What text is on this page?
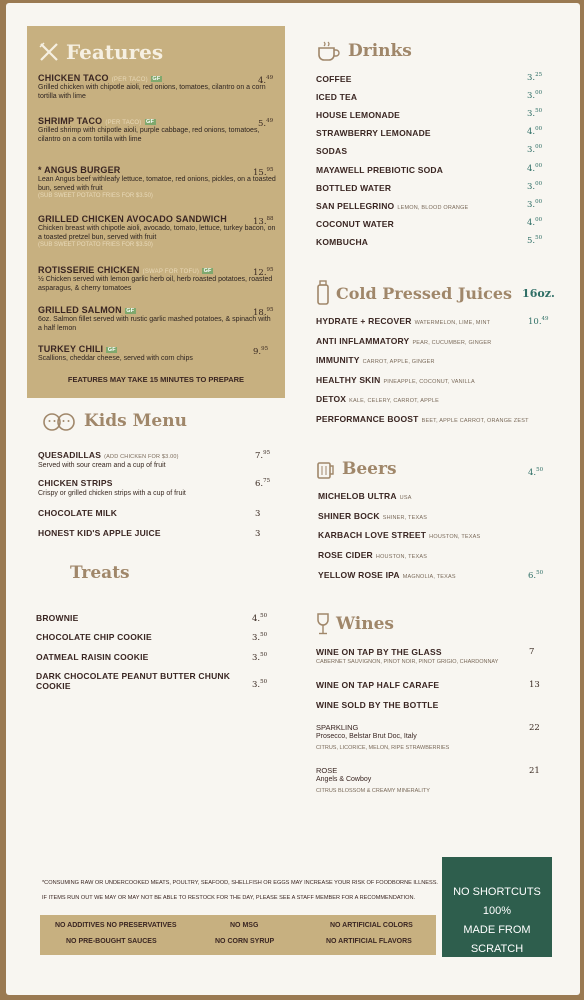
Features
CHICKEN TACO (PER TACO) GF
Grilled chicken with chipotle aioli, red onions, tomatoes, cilantro on a corn tortilla with lime
4.49
SHRIMP TACO (PER TACO) GF
Grilled shrimp with chipotle aioli, purple cabbage, red onions, tomatoes, cilantro on a corn tortilla with lime
5.49
* ANGUS BURGER
Lean Angus beef withleafy lettuce, tomatoe, red onions, pickles, on a toasted bun, served with fruit
(SUB SWEET POTATO FRIES FOR $3.50)
15.95
GRILLED CHICKEN AVOCADO SANDWICH
Chicken breast with chipotle aioli, avocado, tomato, lettuce, turkey bacon, on a toasted pretzel bun, served with fruit
(SUB SWEET POTATO FRIES FOR $3.50)
13.88
ROTISSERIE CHICKEN (SWAP FOR TOFU) GF
½ Chicken served with lemon garlic herb oil, herb roasted potatoes, roasted asparagus, & cherry tomatoes
12.95
GRILLED SALMON GF
6oz. Salmon fillet served with rustic garlic mashed potatoes, & spinach with a half lemon
18.95
TURKEY CHILI GF
Scallions, cheddar cheese, served with corn chips
9.95
FEATURES MAY TAKE 15 MINUTES TO PREPARE
Kids Menu
QUESADILLAS (ADD CHICKEN FOR $3.00)
Served with sour cream and a cup of fruit
7.95
CHICKEN STRIPS
Crispy or grilled chicken strips with a cup of fruit
6.75
CHOCOLATE MILK	3
HONEST KID'S APPLE JUICE	3
Treats
BROWNIE	4.50
CHOCOLATE CHIP COOKIE	3.50
OATMEAL RAISIN COOKIE	3.50
DARK CHOCOLATE PEANUT BUTTER CHUNK
COOKIE	3.50
Drinks
COFFEE	3.25
ICED TEA	3.00
HOUSE LEMONADE	3.50
STRAWBERRY LEMONADE	4.00
SODAS	3.00
MAYAWELL PREBIOTIC SODA	4.00
BOTTLED WATER	3.00
SAN PELLEGRINO LEMON, BLOOD ORANGE	3.00
COCONUT WATER	4.00
KOMBUCHA	5.50
Cold Pressed Juices 16oz.
10.49
HYDRATE + RECOVER WATERMELON, LIME, MINT
ANTI INFLAMMATORY PEAR, CUCUMBER, GINGER
IMMUNITY CARROT, APPLE, GINGER
HEALTHY SKIN PINEAPPLE, COCONUT, VANILLA
DETOX KALE, CELERY, CARROT, APPLE
PERFORMANCE BOOST BEET, APPLE CARROT, ORANGE ZEST
Beers	4.50
MICHELOB ULTRA USA
SHINER BOCK SHINER, TEXAS
KARBACH LOVE STREET HOUSTON, TEXAS
ROSE CIDER HOUSTON, TEXAS
YELLOW ROSE IPA MAGNOLIA, TEXAS	6.50
Wines
WINE ON TAP BY THE GLASS
CABERNET SAUVIGNON, PINOT NOIR, PINOT GRIGIO, CHARDONNAY
7
WINE ON TAP HALF CARAFE	13
WINE SOLD BY THE BOTTLE
SPARKLING
Prosecco, Belstar Brut Doc, Italy
CITRUS, LICORICE, MELON, RIPE STRAWBERRIES
22
ROSE
Angels & Cowboy
CITRUS BLOSSOM & CREAMY MINERALITY
21
*CONSUMING RAW OR UNDERCOOKED MEATS, POULTRY, SEAFOOD, SHELLFISH OR EGGS MAY INCREASE YOUR RISK OF FOODBORNE ILLNESS.
IF ITEMS RUN OUT WE MAY OR MAY NOT BE ABLE TO RESTOCK FOR THE DAY, PLEASE SEE A STAFF MEMBER FOR A RECOMMENDATION.
NO ADDITIVES NO PRESERVATIVES
NO PRE-BOUGHT SAUCES
NO MSG
NO CORN SYRUP
NO ARTIFICIAL COLORS
NO ARTIFICIAL FLAVORS
NO SHORTCUTS
100%
MADE FROM SCRATCH
